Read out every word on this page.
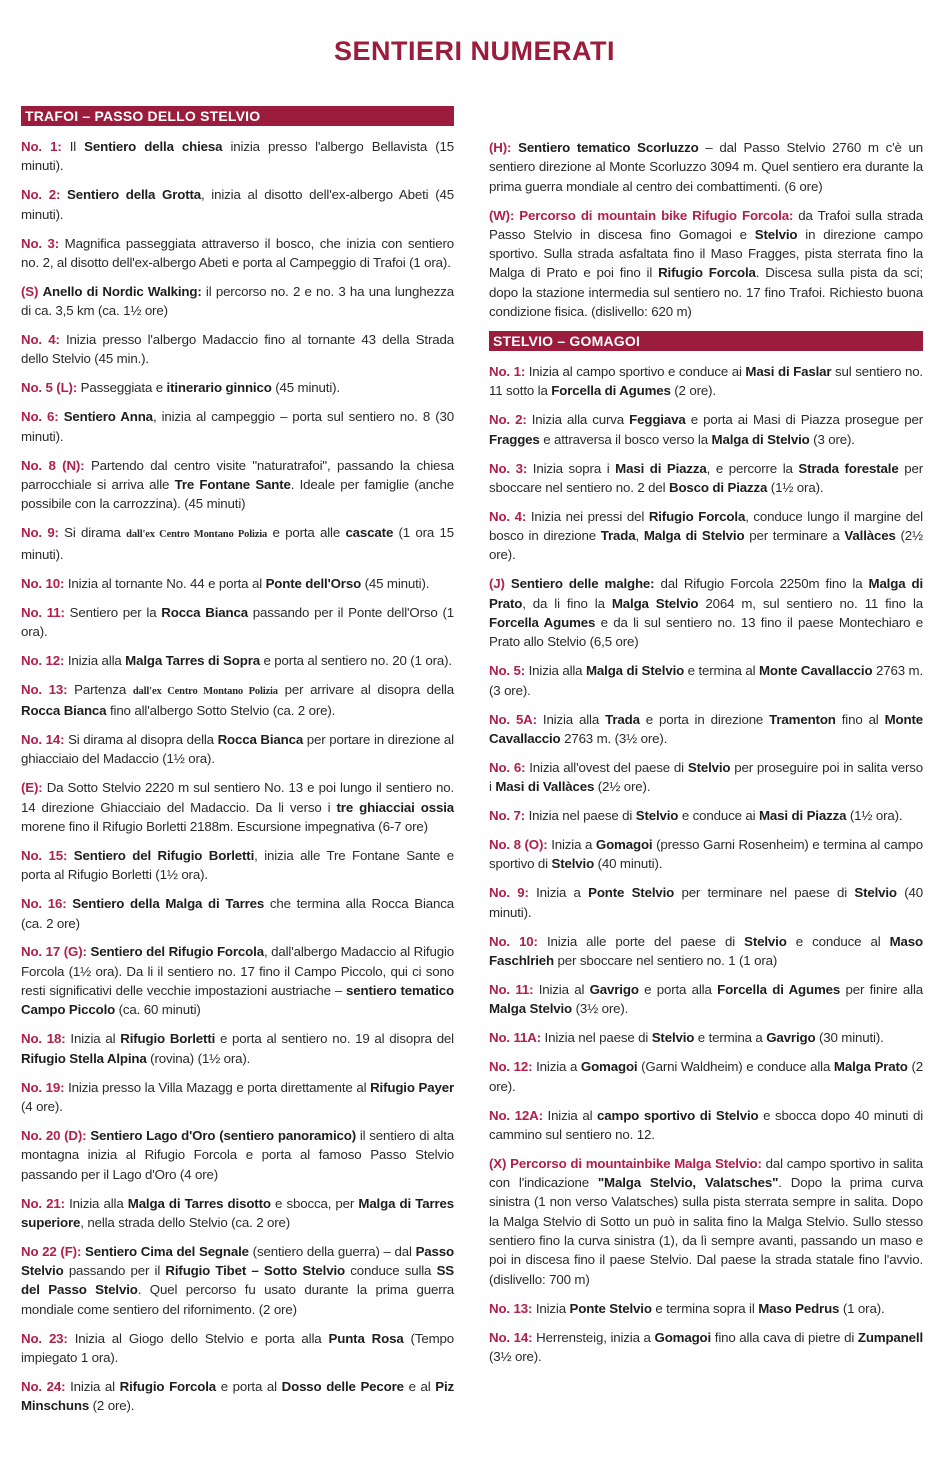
SENTIERI NUMERATI
TRAFOI – PASSO DELLO STELVIO

No. 1: Il Sentiero della chiesa inizia presso l'albergo Bellavista (15 minuti).

No. 2: Sentiero della Grotta, inizia al disotto dell'ex-albergo Abeti (45 minuti).

No. 3: Magnifica passeggiata attraverso il bosco, che inizia con sentiero no. 2, al disotto dell'ex-albergo Abeti e porta al Campeggio di Trafoi (1 ora).

(S) Anello di Nordic Walking: il percorso no. 2 e no. 3 ha una lunghezza di ca. 3,5 km (ca. 1½ ore)

No. 4: Inizia presso l'albergo Madaccio fino al tornante 43 della Strada dello Stelvio (45 min.).

No. 5 (L): Passeggiata e itinerario ginnico (45 minuti).

No. 6: Sentiero Anna, inizia al campeggio – porta sul sentiero no. 8 (30 minuti).

No. 8 (N): Partendo dal centro visite "naturatrafoi", passando la chiesa parrocchiale si arriva alle Tre Fontane Sante. Ideale per famiglie (anche possibile con la carrozzina). (45 minuti)

No. 9: Si dirama dall'ex Centro Montano Polizia e porta alle cascate (1 ora 15 minuti).

No. 10: Inizia al tornante No. 44 e porta al Ponte dell'Orso (45 minuti).

No. 11: Sentiero per la Rocca Bianca passando per il Ponte dell'Orso (1 ora).

No. 12: Inizia alla Malga Tarres di Sopra e porta al sentiero no. 20 (1 ora).

No. 13: Partenza dall'ex Centro Montano Polizia per arrivare al disopra della Rocca Bianca fino all'albergo Sotto Stelvio (ca. 2 ore).

No. 14: Si dirama al disopra della Rocca Bianca per portare in direzione al ghiacciaio del Madaccio (1½ ora).

(E): Da Sotto Stelvio 2220 m sul sentiero No. 13 e poi lungo il sentiero no. 14 direzione Ghiacciaio del Madaccio. Da li verso i tre ghiacciai ossia morene fino il Rifugio Borletti 2188m. Escursione impegnativa (6-7 ore)

No. 15: Sentiero del Rifugio Borletti, inizia alle Tre Fontane Sante e porta al Rifugio Borletti (1½ ora).

No. 16: Sentiero della Malga di Tarres che termina alla Rocca Bianca (ca. 2 ore)

No. 17 (G): Sentiero del Rifugio Forcola, dall'albergo Madaccio al Rifugio Forcola (1½ ora). Da li il sentiero no. 17 fino il Campo Piccolo, qui ci sono resti significativi delle vecchie impostazioni austriache – sentiero tematico Campo Piccolo (ca. 60 minuti)

No. 18: Inizia al Rifugio Borletti e porta al sentiero no. 19 al disopra del Rifugio Stella Alpina (rovina) (1½ ora).

No. 19: Inizia presso la Villa Mazagg e porta direttamente al Rifugio Payer (4 ore).

No. 20 (D): Sentiero Lago d'Oro (sentiero panoramico) il sentiero di alta montagna inizia al Rifugio Forcola e porta al famoso Passo Stelvio passando per il Lago d'Oro (4 ore)

No. 21: Inizia alla Malga di Tarres disotto e sbocca, per Malga di Tarres superiore, nella strada dello Stelvio (ca. 2 ore)

No 22 (F): Sentiero Cima del Segnale (sentiero della guerra) – dal Passo Stelvio passando per il Rifugio Tibet – Sotto Stelvio conduce sulla SS del Passo Stelvio. Quel percorso fu usato durante la prima guerra mondiale come sentiero del rifornimento. (2 ore)

No. 23: Inizia al Giogo dello Stelvio e porta alla Punta Rosa (Tempo impiegato 1 ora).

No. 24: Inizia al Rifugio Forcola e porta al Dosso delle Pecore e al Piz Minschuns (2 ore).

(H): Sentiero tematico Scorluzzo – dal Passo Stelvio 2760 m c'è un sentiero direzione al Monte Scorluzzo 3094 m. Quel sentiero era durante la prima guerra mondiale al centro dei combattimenti. (6 ore)

(W): Percorso di mountain bike Rifugio Forcola: da Trafoi sulla strada Passo Stelvio in discesa fino Gomagoi e Stelvio in direzione campo sportivo. Sulla strada asfaltata fino il Maso Fragges, pista sterrata fino la Malga di Prato e poi fino il Rifugio Forcola. Discesa sulla pista da sci; dopo la stazione intermedia sul sentiero no. 17 fino Trafoi. Richiesto buona condizione fisica. (dislivello: 620 m)

STELVIO – GOMAGOI

No. 1: Inizia al campo sportivo e conduce ai Masi di Faslar sul sentiero no. 11 sotto la Forcella di Agumes (2 ore).

No. 2: Inizia alla curva Feggiava e porta ai Masi di Piazza prosegue per Fragges e attraversa il bosco verso la Malga di Stelvio (3 ore).

No. 3: Inizia sopra i Masi di Piazza, e percorre la Strada forestale per sboccare nel sentiero no. 2 del Bosco di Piazza (1½ ora).

No. 4: Inizia nei pressi del Rifugio Forcola, conduce lungo il margine del bosco in direzione Trada, Malga di Stelvio per terminare a Vallàces (2½ ore).

(J) Sentiero delle malghe: dal Rifugio Forcola 2250m fino la Malga di Prato, da li fino la Malga Stelvio 2064 m, sul sentiero no. 11 fino la Forcella Agumes e da li sul sentiero no. 13 fino il paese Montechiaro e Prato allo Stelvio (6,5 ore)

No. 5: Inizia alla Malga di Stelvio e termina al Monte Cavallaccio 2763 m. (3 ore).

No. 5A: Inizia alla Trada e porta in direzione Tramenton fino al Monte Cavallaccio 2763 m. (3½ ore).

No. 6: Inizia all'ovest del paese di Stelvio per proseguire poi in salita verso i Masi di Vallàces (2½ ore).

No. 7: Inizia nel paese di Stelvio e conduce ai Masi di Piazza (1½ ora).

No. 8 (O): Inizia a Gomagoi (presso Garni Rosenheim) e termina al campo sportivo di Stelvio (40 minuti).

No. 9: Inizia a Ponte Stelvio per terminare nel paese di Stelvio (40 minuti).

No. 10: Inizia alle porte del paese di Stelvio e conduce al Maso Faschlrieh per sboccare nel sentiero no. 1 (1 ora)

No. 11: Inizia al Gavrigo e porta alla Forcella di Agumes per finire alla Malga Stelvio (3½ ore).

No. 11A: Inizia nel paese di Stelvio e termina a Gavrigo (30 minuti).

No. 12: Inizia a Gomagoi (Garni Waldheim) e conduce alla Malga Prato (2 ore).

No. 12A: Inizia al campo sportivo di Stelvio e sbocca dopo 40 minuti di cammino sul sentiero no. 12.

(X) Percorso di mountainbike Malga Stelvio: dal campo sportivo in salita con l'indicazione "Malga Stelvio, Valatsches". Dopo la prima curva sinistra (1 non verso Valatsches) sulla pista sterrata sempre in salita. Dopo la Malga Stelvio di Sotto un può in salita fino la Malga Stelvio. Sullo stesso sentiero fino la curva sinistra (1), da lì sempre avanti, passando un maso e poi in discesa fino il paese Stelvio. Dal paese la strada statale fino l'avvio. (dislivello: 700 m)

No. 13: Inizia Ponte Stelvio e termina sopra il Maso Pedrus (1 ora).

No. 14: Herrensteig, inizia a Gomagoi fino alla cava di pietre di Zumpanell (3½ ore).
